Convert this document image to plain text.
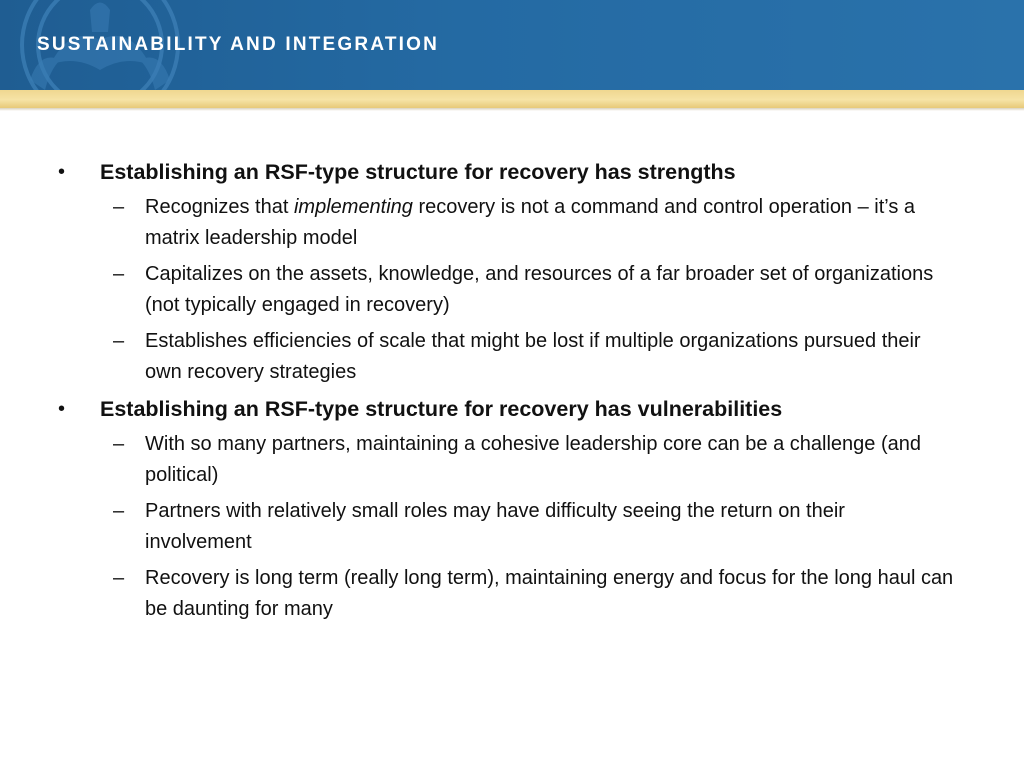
SUSTAINABILITY AND INTEGRATION
• Establishing an RSF-type structure for recovery has strengths
– Recognizes that implementing recovery is not a command and control operation – it’s a matrix leadership model
– Capitalizes on the assets, knowledge, and resources of a far broader set of organizations (not typically engaged in recovery)
– Establishes efficiencies of scale that might be lost if multiple organizations pursued their own recovery strategies
• Establishing an RSF-type structure for recovery has vulnerabilities
– With so many partners, maintaining a cohesive leadership core can be a challenge (and political)
– Partners with relatively small roles may have difficulty seeing the return on their involvement
– Recovery is long term (really long term), maintaining energy and focus for the long haul can be daunting for many
